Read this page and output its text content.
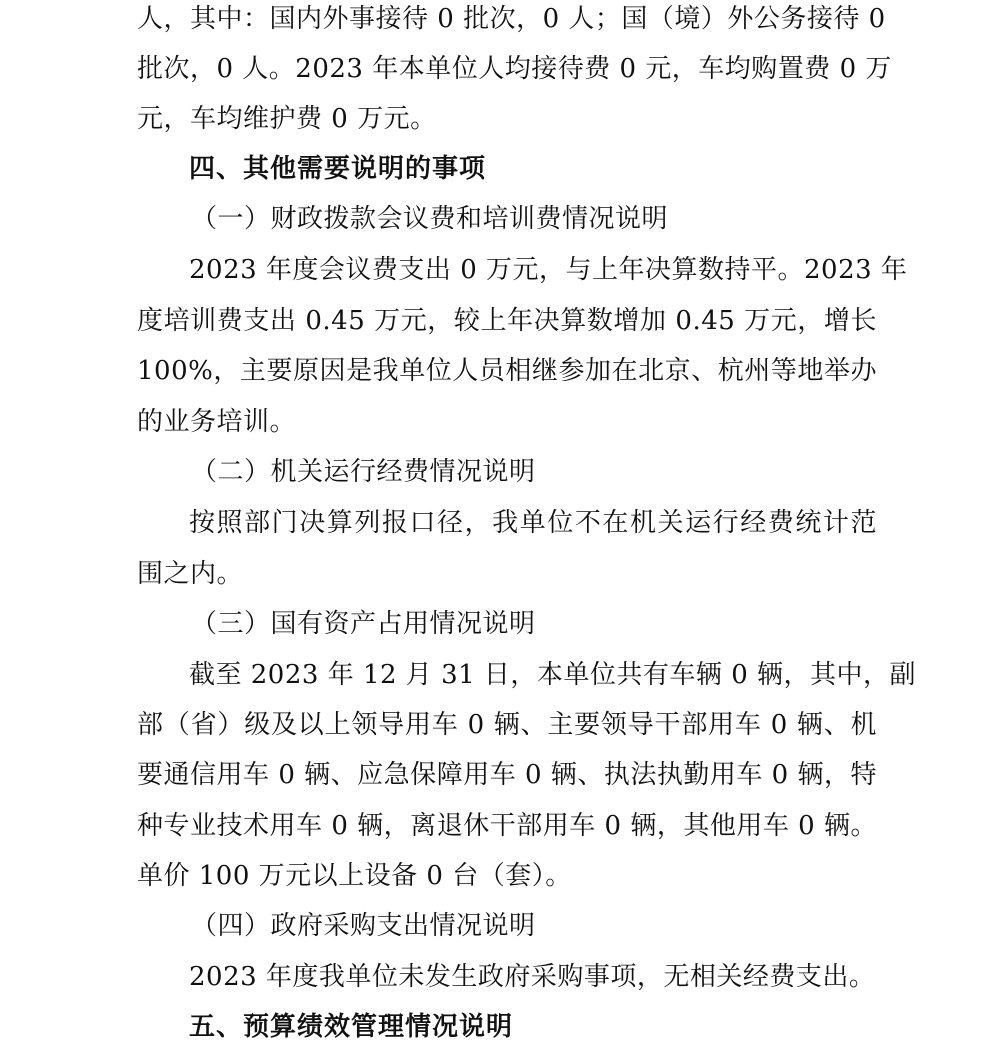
人，其中：国内外事接待 0 批次，0 人；国（境）外公务接待 0
批次，0 人。2023 年本单位人均接待费 0 元，车均购置费 0 万
元，车均维护费 0 万元。
四、其他需要说明的事项
（一）财政拨款会议费和培训费情况说明
2023 年度会议费支出 0 万元，与上年决算数持平。2023 年
度培训费支出 0.45 万元，较上年决算数增加 0.45 万元，增长
100%，主要原因是我单位人员相继参加在北京、杭州等地举办
的业务培训。
（二）机关运行经费情况说明
按照部门决算列报口径，我单位不在机关运行经费统计范
围之内。
（三）国有资产占用情况说明
截至 2023 年 12 月 31 日，本单位共有车辆 0 辆，其中，副
部（省）级及以上领导用车 0 辆、主要领导干部用车 0 辆、机
要通信用车 0 辆、应急保障用车 0 辆、执法执勤用车 0 辆，特
种专业技术用车 0 辆，离退休干部用车 0 辆，其他用车 0 辆。
单价 100 万元以上设备 0 台（套）。
（四）政府采购支出情况说明
2023 年度我单位未发生政府采购事项，无相关经费支出。
五、预算绩效管理情况说明
